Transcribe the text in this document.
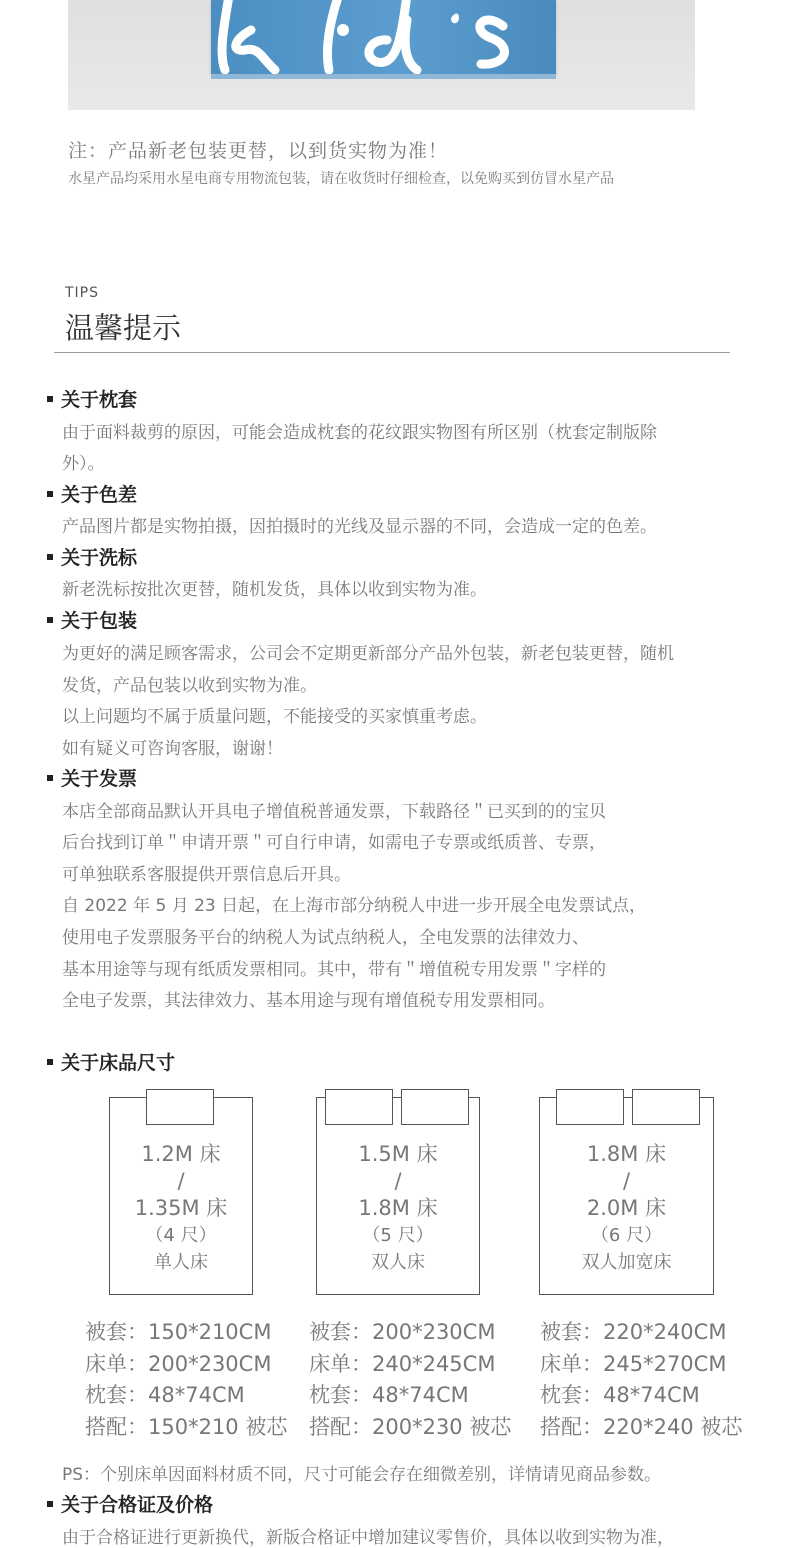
注：产品新老包装更替，以到货实物为准！
水星产品均采用水星电商专用物流包装，请在收货时仔细检查，以免购买到仿冒水星产品
TIPS
温馨提示
关于枕套
由于面料裁剪的原因，可能会造成枕套的花纹跟实物图有所区别（枕套定制版除
外）。
关于色差
产品图片都是实物拍摄，因拍摄时的光线及显示器的不同，会造成一定的色差。
关于洗标
新老洗标按批次更替，随机发货，具体以收到实物为准。
关于包装
为更好的满足顾客需求，公司会不定期更新部分产品外包装，新老包装更替，随机
发货，产品包装以收到实物为准。
以上问题均不属于质量问题，不能接受的买家慎重考虑。
如有疑义可咨询客服，谢谢！
关于发票
本店全部商品默认开具电子增值税普通发票，下载路径＂已买到的的宝贝
后台找到订单＂申请开票＂可自行申请，如需电子专票或纸质普、专票，
可单独联系客服提供开票信息后开具。
自 2022 年 5 月 23 日起，在上海市部分纳税人中进一步开展全电发票试点，
使用电子发票服务平台的纳税人为试点纳税人，全电发票的法律效力、
基本用途等与现有纸质发票相同。其中，带有＂增值税专用发票＂字样的
全电子发票，其法律效力、基本用途与现有增值税专用发票相同。
关于床品尺寸
1.2M 床
/
1.35M 床
（4 尺）
单人床
1.5M 床
/
1.8M 床
（5 尺）
双人床
1.8M 床
/
2.0M 床
（6 尺）
双人加宽床
被套：150*210CM
床单：200*230CM
枕套：48*74CM
搭配：150*210 被芯
被套：200*230CM
床单：240*245CM
枕套：48*74CM
搭配：200*230 被芯
被套：220*240CM
床单：245*270CM
枕套：48*74CM
搭配：220*240 被芯
PS：个别床单因面料材质不同，尺寸可能会存在细微差别，详情请见商品参数。
关于合格证及价格
由于合格证进行更新换代，新版合格证中增加建议零售价，具体以收到实物为准，
